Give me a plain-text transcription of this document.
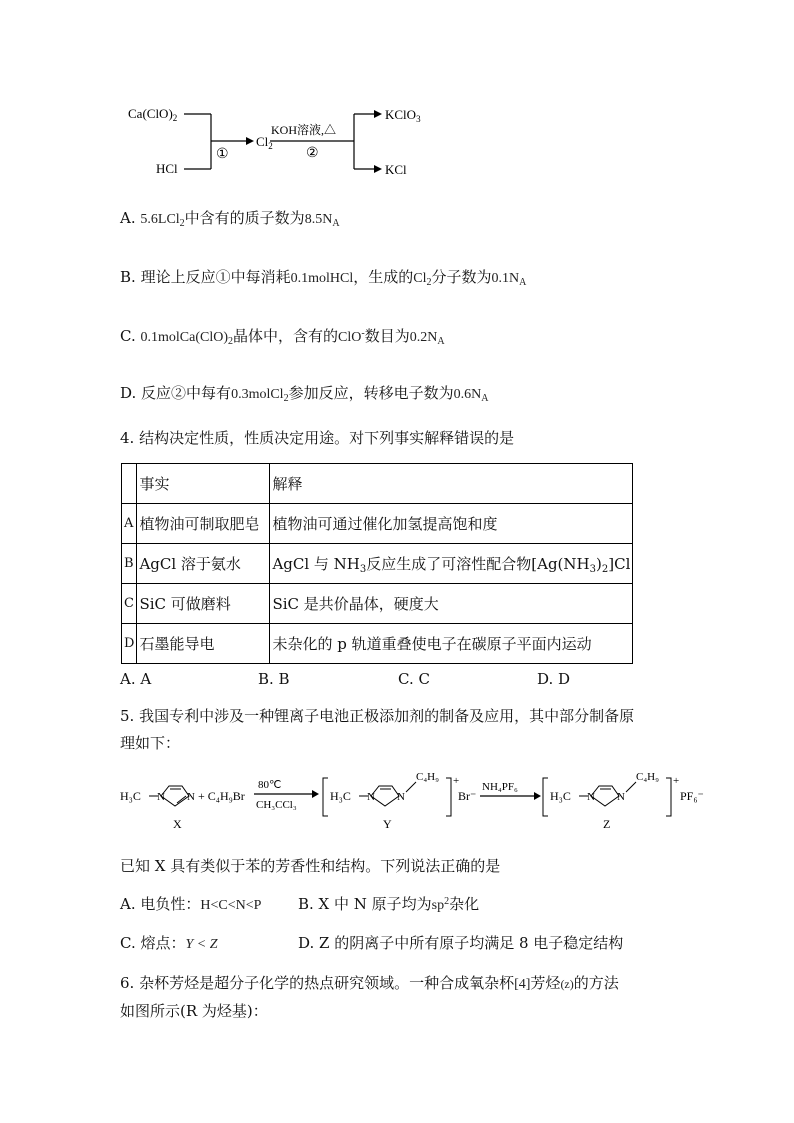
$Ca(ClO)_2$
HCl
①
$Cl_2$
KOH溶液,△
②
KClO$_3$
KCl
A. 5.6LCl$_2$中含有的质子数为$8.5N_A$
B. 理论上反应①中每消耗0.1molHCl，生成的$Cl_2$分子数为$0.1N_A$
C. $0.1molCa(ClO)_2$晶体中，含有的ClO-数目为$0.2N_A$
D. 反应②中每有0.3molCl$_2$参加反应，转移电子数为$0.6N_A$
4. 结构决定性质，性质决定用途。对下列事实解释错误的是
	事实	解释
A	植物油可制取肥皂	植物油可通过催化加氢提高饱和度
B	AgCl 溶于氨水	AgCl 与 $NH_3$反应生成了可溶性配合物$[Ag(NH_3)_2]Cl$
C	SiC 可做磨料	SiC 是共价晶体，硬度大
D	石墨能导电	未杂化的 p 轨道重叠使电子在碳原子平面内运动
A. A	B. B	C. C	D. D
5. 我国专利中涉及一种锂离子电池正极添加剂的制备及应用，其中部分制备原
理如下：
H₃C N N
X
+ C₄H₉Br
80℃
CH₃CCl₃
H₃C N N
C₄H₉
Y
+
Br⁻
NH₄PF₆
H₃C N N
C₄H₉
Z
+
PF₆⁻
已知 X 具有类似于苯的芳香性和结构。下列说法正确的是
A. 电负性：H<C<N<P B. X 中 N 原子均为$sp^2$杂化
C. 熔点：Y < Z	D. Z 的阴离子中所有原子均满足 8 电子稳定结构
6. 杂杯芳烃是超分子化学的热点研究领域。一种合成氧杂杯[4]芳烃(z)的方法
如图所示(R 为烃基)：
